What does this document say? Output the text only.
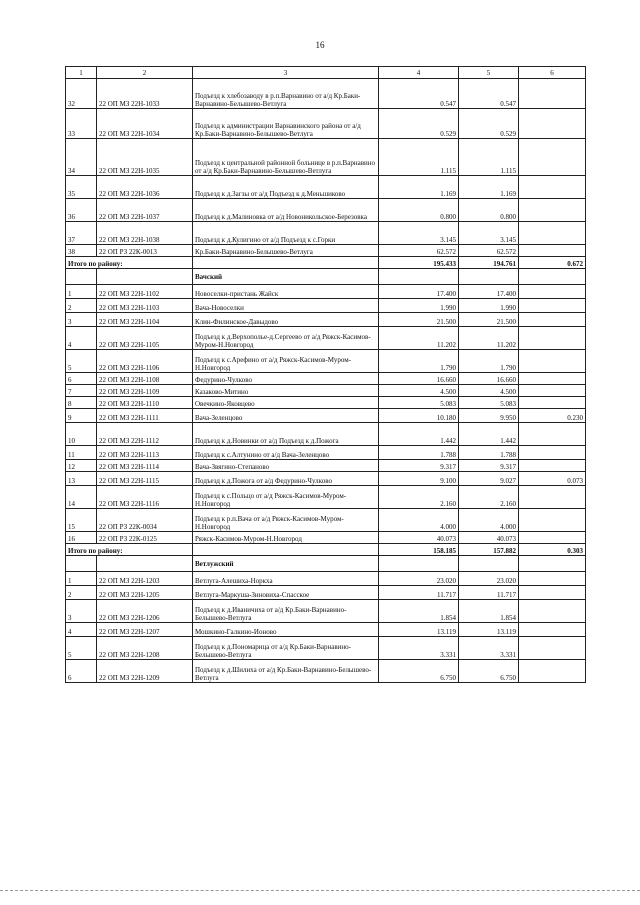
16
1	2	3	4	5	6
32	22 ОП МЗ 22Н-1033	Подъезд к хлебозаводу в р.п.Варнавино от а/д Кр.Баки-Варнавино-Белышево-Ветлуга	0.547	0.547	
33	22 ОП МЗ 22Н-1034	Подъезд к администрации Варнавинского района от а/д Кр.Баки-Варнавино-Белышево-Ветлуга	0.529	0.529	
34	22 ОП МЗ 22Н-1035	Подъезд к центральной районной больнице в р.п.Варнавино от а/д Кр.Баки-Варнавино-Белышево-Ветлуга	1.115	1.115	
35	22 ОП МЗ 22Н-1036	Подъезд к д.Загзы от а/д Подъезд к д.Меньшиково	1.169	1.169	
36	22 ОП МЗ 22Н-1037	Подъезд к д.Малиновка от а/д Новоникольское-Березовка	0.800	0.800	
37	22 ОП МЗ 22Н-1038	Подъезд к д.Кулигино от а/д Подъезд к с.Горки	3.145	3.145	
38	22 ОП РЗ 22К-0013	Кр.Баки-Варнавино-Белышево-Ветлуга	62.572	62.572	
Итого по району:			195.433	194.761	0.672
		Вачский			
1	22 ОП МЗ 22Н-1102	Новоселки-пристань Жайск	17.400	17.400	
2	22 ОП МЗ 22Н-1103	Вача-Новоселки	1.990	1.990	
3	22 ОП МЗ 22Н-1104	Клин-Филинское-Давыдово	21.500	21.500	
4	22 ОП МЗ 22Н-1105	Подъезд к д.Верхополье-д.Сергеево от а/д Ряжск-Касимов-Муром-Н.Новгород	11.202	11.202	
5	22 ОП МЗ 22Н-1106	Подъезд к с.Арефино от а/д Ряжск-Касимов-Муром-Н.Новгород	1.790	1.790	
6	22 ОП МЗ 22Н-1108	Федурино-Чулково	16.660	16.660	
7	22 ОП МЗ 22Н-1109	Казаково-Митино	4.500	4.500	
8	22 ОП МЗ 22Н-1110	Овечкино-Яковцево	5.083	5.083	
9	22 ОП МЗ 22Н-1111	Вача-Зеленцово	10.180	9.950	0.230
10	22 ОП МЗ 22Н-1112	Подъезд к д.Новинки от а/д Подъезд к д.Пожога	1.442	1.442	
11	22 ОП МЗ 22Н-1113	Подъезд к с.Алтунино от а/д Вача-Зеленцово	1.788	1.788	
12	22 ОП МЗ 22Н-1114	Вача-Звягино-Степаново	9.317	9.317	
13	22 ОП МЗ 22Н-1115	Подъезд к д.Пожога от а/д Федурино-Чулково	9.100	9.027	0.073
14	22 ОП МЗ 22Н-1116	Подъезд к с.Польцо от а/д Ряжск-Касимов-Муром-Н.Новгород	2.160	2.160	
15	22 ОП РЗ 22К-0034	Подъезд к р.п.Вача от а/д Ряжск-Касимов-Муром-Н.Новгород	4.000	4.000	
16	22 ОП РЗ 22К-0125	Ряжск-Касимов-Муром-Н.Новгород	40.073	40.073	
Итого по району:			158.185	157.882	0.303
		Ветлужский			
1	22 ОП МЗ 22Н-1203	Ветлуга-Алешиха-Норкха	23.020	23.020	
2	22 ОП МЗ 22Н-1205	Ветлуга-Маркуша-Зиновиха-Спасское	11.717	11.717	
3	22 ОП МЗ 22Н-1206	Подъезд к д.Иваничиха от а/д Кр.Баки-Варнавино-Белышево-Ветлуга	1.854	1.854	
4	22 ОП МЗ 22Н-1207	Мошкино-Галкино-Ионово	13.119	13.119	
5	22 ОП МЗ 22Н-1208	Подъезд к д.Пономарица от а/д Кр.Баки-Варнавино-Белышево-Ветлуга	3.331	3.331	
6	22 ОП МЗ 22Н-1209	Подъезд к д.Шилиха от а/д Кр.Баки-Варнавино-Белышево-Ветлуга	6.750	6.750	
